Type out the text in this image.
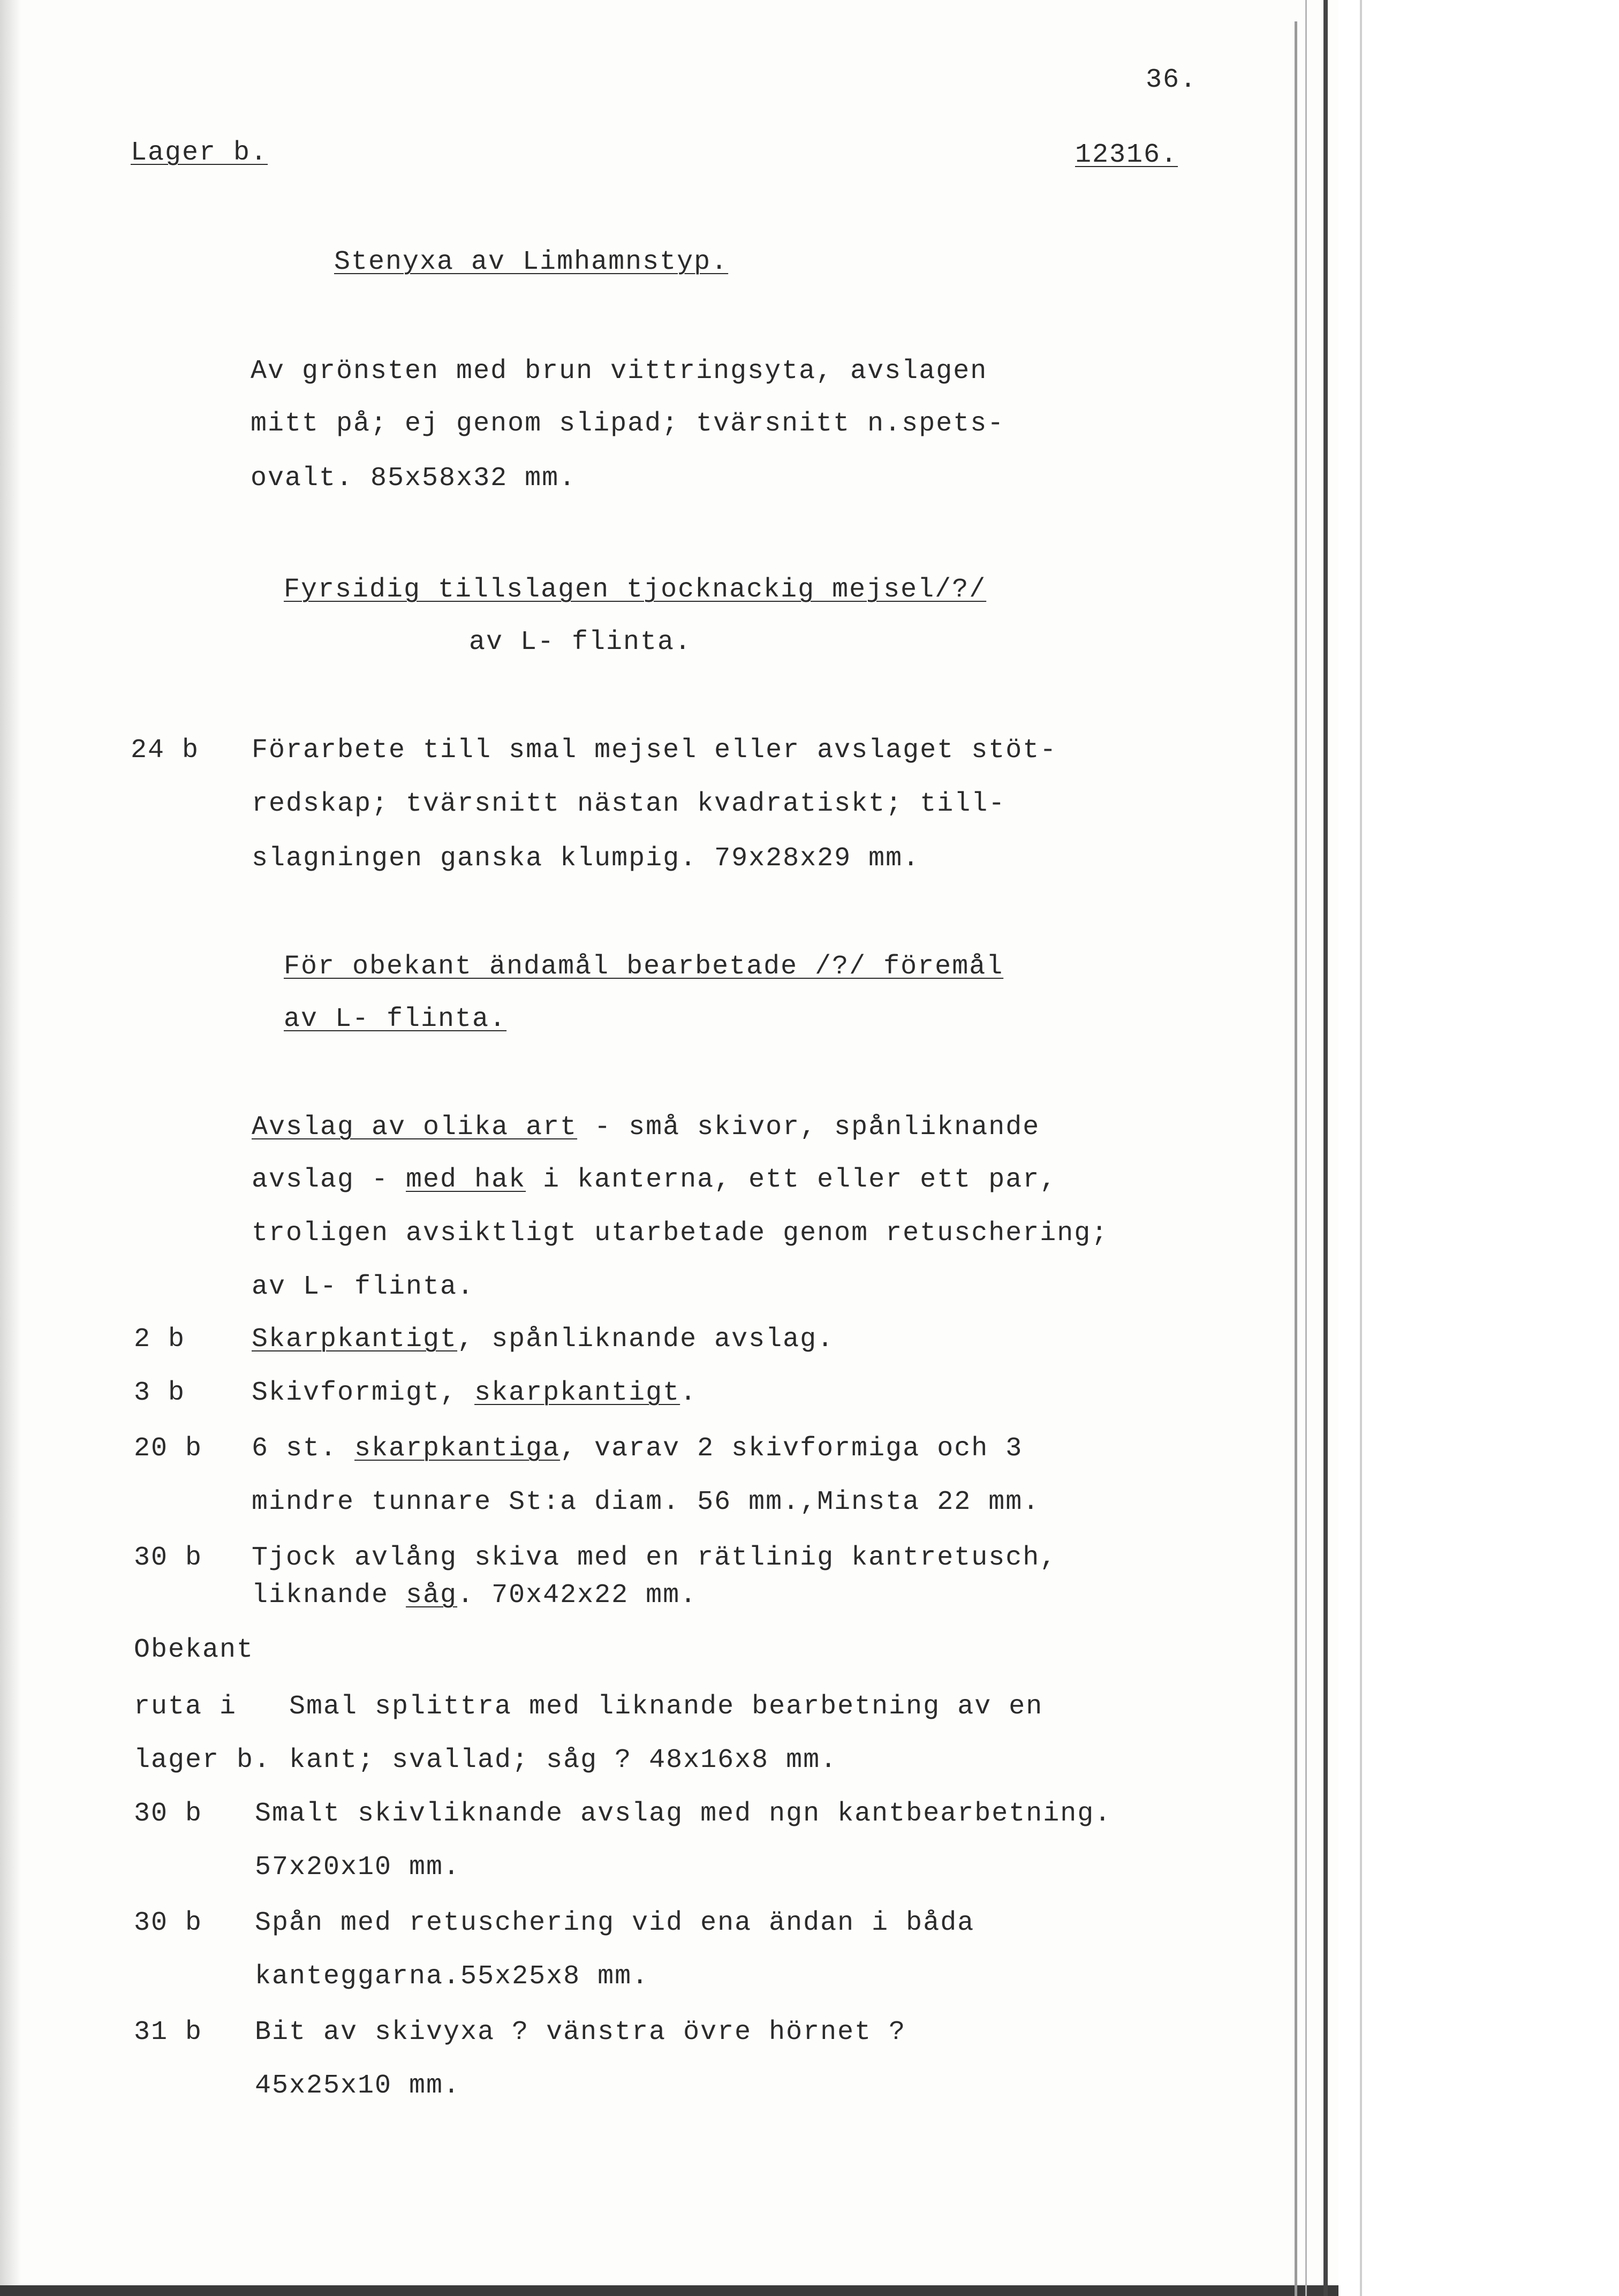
36.
Lager b.	12316.
Stenyxa av Limhamnstyp.
Av grönsten med brun vittringsyta, avslagen
mitt på; ej genom slipad; tvärsnitt n.spets-
ovalt. 85x58x32 mm.
Fyrsidig tillslagen tjocknackig mejsel/?/
av L- flinta.
24 b Förarbete till smal mejsel eller avslaget stöt-
redskap; tvärsnitt nästan kvadratiskt; till-
slagningen ganska klumpig. 79x28x29 mm.
För obekant ändamål bearbetade /?/ föremål
av L- flinta.
Avslag av olika art - små skivor, spånliknande
avslag - med hak i kanterna, ett eller ett par,
troligen avsiktligt utarbetade genom retuschering;
av L- flinta.
2 b Skarpkantigt, spånliknande avslag.
3 b Skivformigt, skarpkantigt.
20 b 6 st. skarpkantiga, varav 2 skivformiga och 3
mindre tunnare St:a diam. 56 mm.,Minsta 22 mm.
30 b Tjock avlång skiva med en rätlinig kantretusch,
liknande såg. 70x42x22 mm.
Obekant
ruta i Smal splittra med liknande bearbetning av en
lager b. kant; svallad; såg ? 48x16x8 mm.
30 b Smalt skivliknande avslag med ngn kantbearbetning.
57x20x10 mm.
30 b Spån med retuschering vid ena ändan i båda
kanteggarna.55x25x8 mm.
31 b Bit av skivyxa ? vänstra övre hörnet ?
45x25x10 mm.
